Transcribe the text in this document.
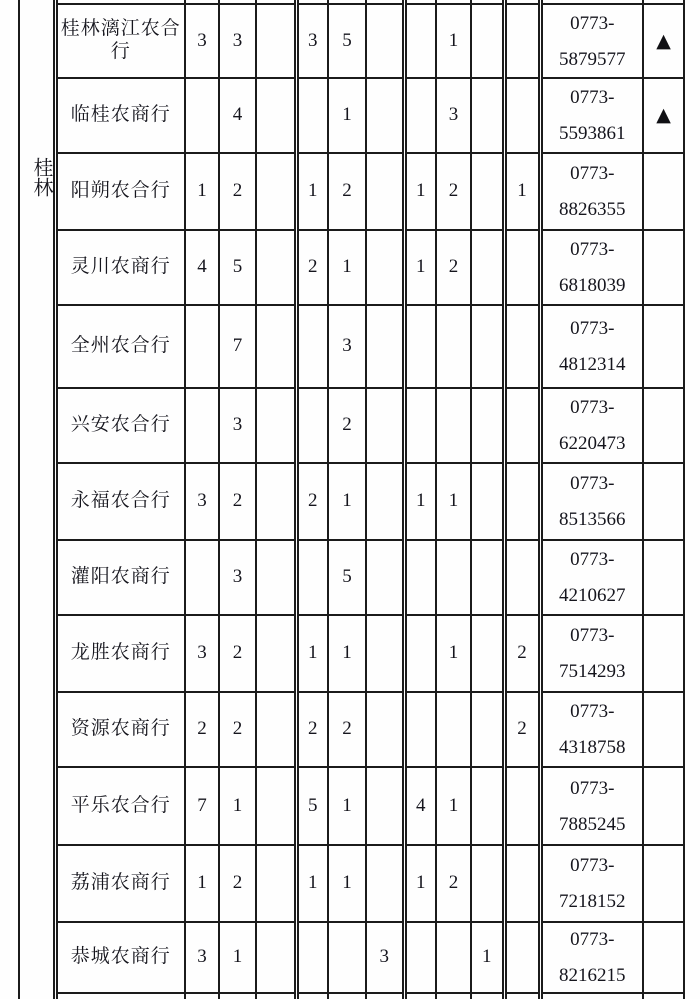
	桂林漓江农合行	3	3		3	5			1			0773-
5879577	▲
	临桂农商行		4			1			3			0773-
5593861	▲
	阳朔农合行	1	2		1	2		1	2		1	0773-
8826355	

	灵川农商行	4	5		2	1		1	2			0773-
6818039	

	全州农合行		7			3						0773-
4812314	

	兴安农合行		3			2						0773-
6220473	

	永福农合行	3	2		2	1		1	1			0773-
8513566	

	灌阳农商行		3			5						0773-
4210627	

	龙胜农商行	3	2		1	1			1		2	0773-
7514293	

	资源农商行	2	2		2	2					2	0773-
4318758	

	平乐农合行	7	1		5	1		4	1			0773-
7885245	

	荔浦农商行	1	2		1	1		1	2			0773-
7218152	

	恭城农商行	3	1				3			1		0773-
8216215	

桂林
